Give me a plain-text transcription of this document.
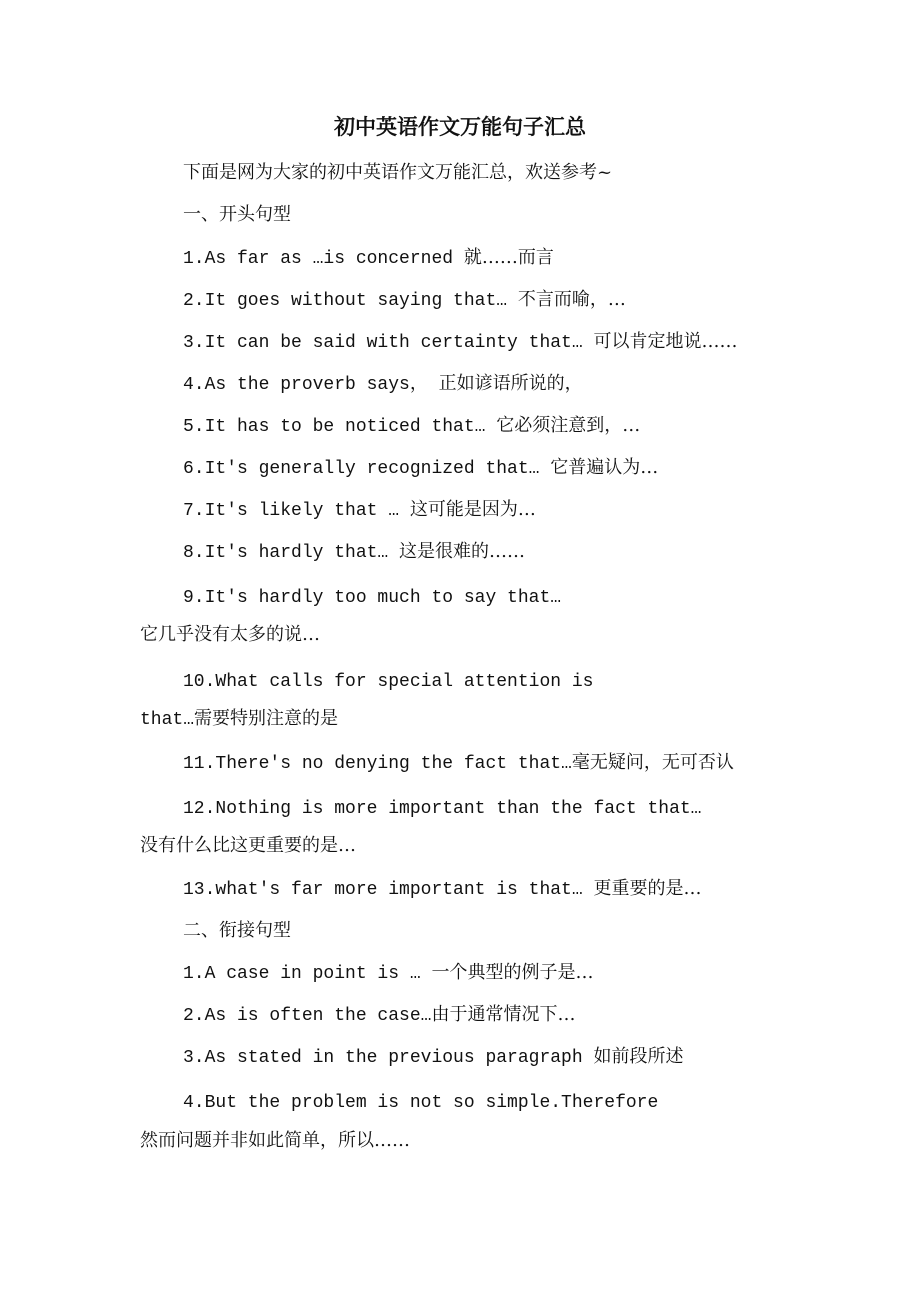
初中英语作文万能句子汇总
下面是网为大家的初中英语作文万能汇总，欢送参考~
一、开头句型
1.As far as …is concerned 就……而言
2.It goes without saying that… 不言而喻，…
3.It can be said with certainty that… 可以肯定地说……
4.As the proverb says， 正如谚语所说的，
5.It has to be noticed that… 它必须注意到，…
6.It's generally recognized that… 它普遍认为…
7.It's likely that … 这可能是因为…
8.It's hardly that… 这是很难的……
9.It's hardly too much to say that…
它几乎没有太多的说…
10.What calls for special attention is
that…需要特别注意的是
11.There's no denying the fact that…毫无疑问，无可否认
12.Nothing is more important than the fact that…
没有什么比这更重要的是…
13.what's far more important is that… 更重要的是…
二、衔接句型
1.A case in point is … 一个典型的例子是…
2.As is often the case…由于通常情况下…
3.As stated in the previous paragraph 如前段所述
4.But the problem is not so simple.Therefore
然而问题并非如此简单，所以……
